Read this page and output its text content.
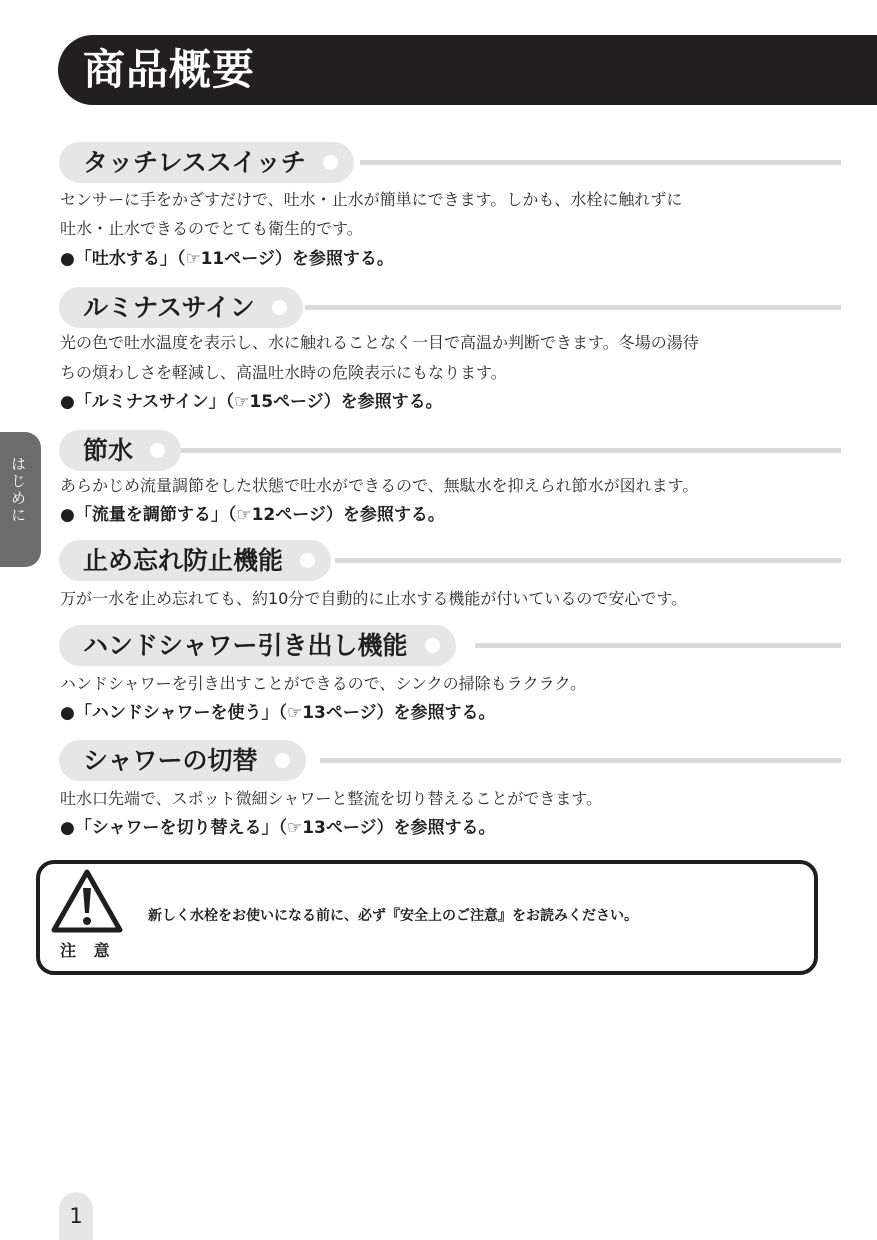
商品概要
はじめに
タッチレススイッチ
センサーに手をかざすだけで、吐水・止水が簡単にできます。しかも、水栓に触れずに
吐水・止水できるのでとても衛生的です。
●「吐水する」（☞11ページ）を参照する。
ルミナスサイン
光の色で吐水温度を表示し、水に触れることなく一目で高温か判断できます。冬場の湯待
ちの煩わしさを軽減し、高温吐水時の危険表示にもなります。
●「ルミナスサイン」（☞15ページ）を参照する。
節水
あらかじめ流量調節をした状態で吐水ができるので、無駄水を抑えられ節水が図れます。
●「流量を調節する」（☞12ページ）を参照する。
止め忘れ防止機能
万が一水を止め忘れても、約10分で自動的に止水する機能が付いているので安心です。
ハンドシャワー引き出し機能
ハンドシャワーを引き出すことができるので、シンクの掃除もラクラク。
●「ハンドシャワーを使う」（☞13ページ）を参照する。
シャワーの切替
吐水口先端で、スポット微細シャワーと整流を切り替えることができます。
●「シャワーを切り替える」（☞13ページ）を参照する。
注 意
新しく水栓をお使いになる前に、必ず『安全上のご注意』をお読みください。
1
